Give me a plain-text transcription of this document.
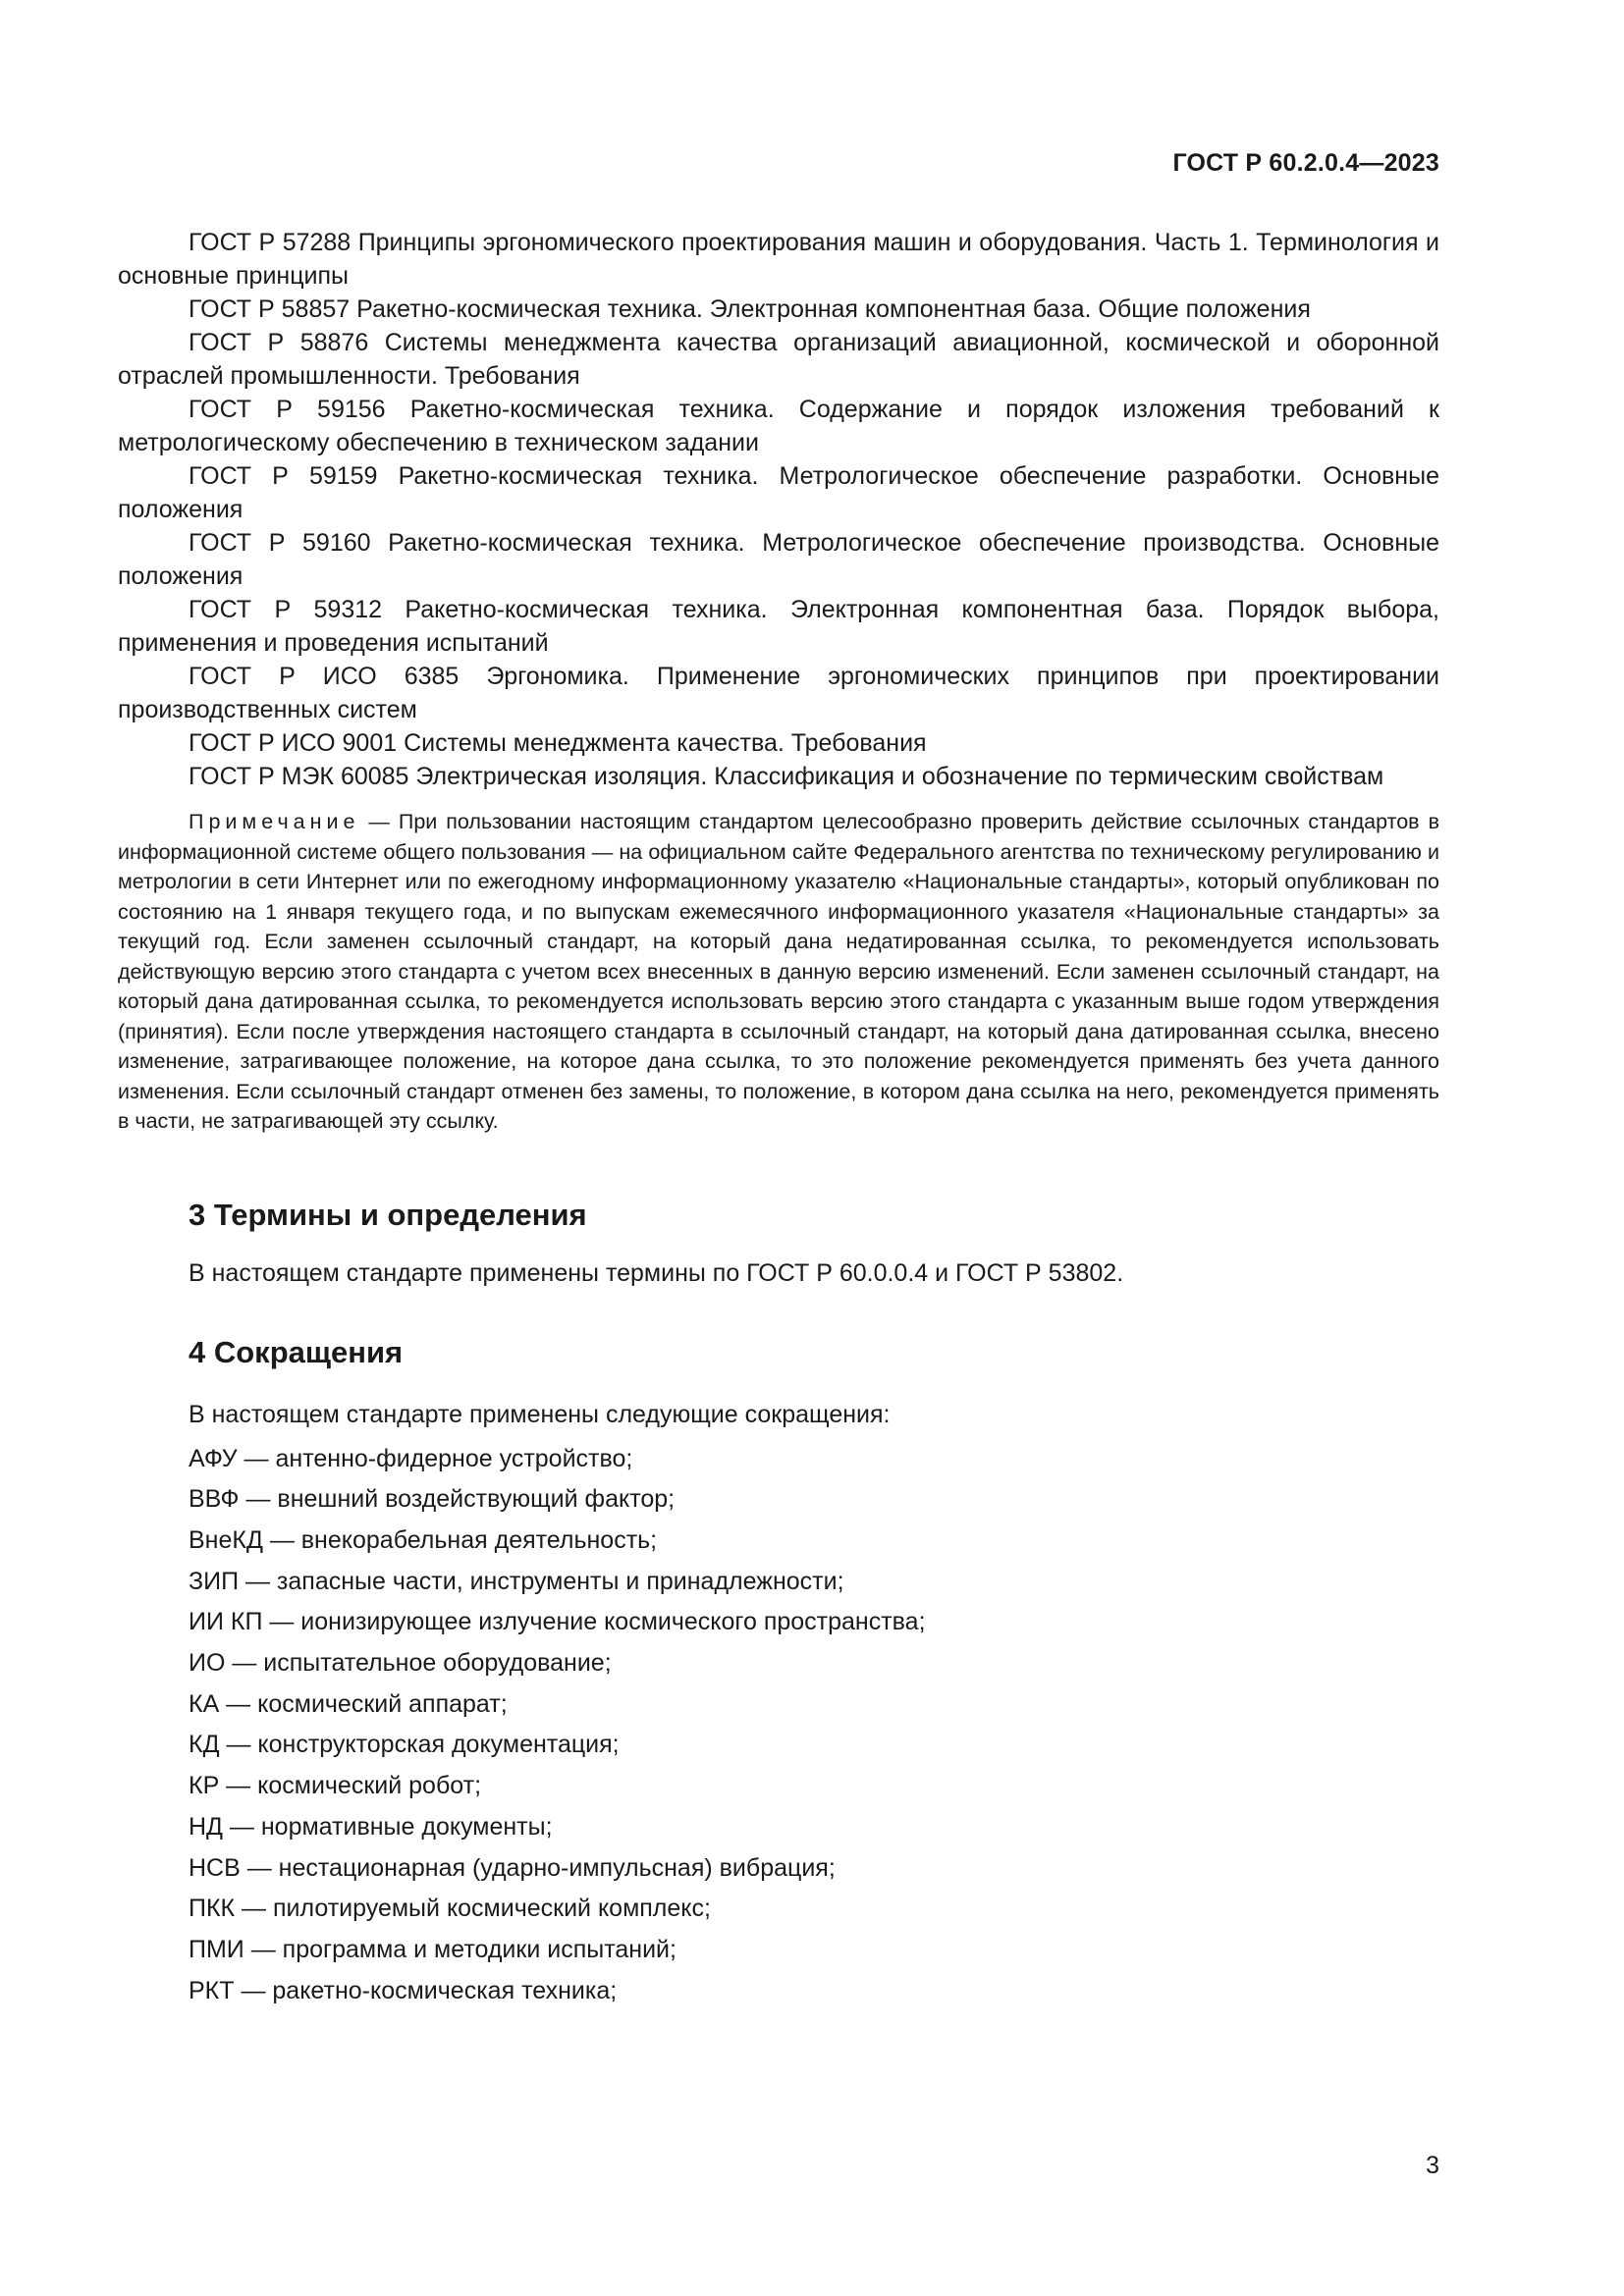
ГОСТ Р 60.2.0.4—2023

ГОСТ Р 57288 Принципы эргономического проектирования машин и оборудования. Часть 1. Терминология и основные принципы

ГОСТ Р 58857 Ракетно-космическая техника. Электронная компонентная база. Общие положения

ГОСТ Р 58876 Системы менеджмента качества организаций авиационной, космической и оборонной отраслей промышленности. Требования

ГОСТ Р 59156 Ракетно-космическая техника. Содержание и порядок изложения требований к метрологическому обеспечению в техническом задании

ГОСТ Р 59159 Ракетно-космическая техника. Метрологическое обеспечение разработки. Основные положения

ГОСТ Р 59160 Ракетно-космическая техника. Метрологическое обеспечение производства. Основные положения

ГОСТ Р 59312 Ракетно-космическая техника. Электронная компонентная база. Порядок выбора, применения и проведения испытаний

ГОСТ Р ИСО 6385 Эргономика. Применение эргономических принципов при проектировании производственных систем

ГОСТ Р ИСО 9001 Системы менеджмента качества. Требования

ГОСТ Р МЭК 60085 Электрическая изоляция. Классификация и обозначение по термическим свойствам

Примечание — При пользовании настоящим стандартом целесообразно проверить действие ссылочных стандартов в информационной системе общего пользования — на официальном сайте Федерального агентства по техническому регулированию и метрологии в сети Интернет или по ежегодному информационному указателю «Национальные стандарты», который опубликован по состоянию на 1 января текущего года, и по выпускам ежемесячного информационного указателя «Национальные стандарты» за текущий год. Если заменен ссылочный стандарт, на который дана недатированная ссылка, то рекомендуется использовать действующую версию этого стандарта с учетом всех внесенных в данную версию изменений. Если заменен ссылочный стандарт, на который дана датированная ссылка, то рекомендуется использовать версию этого стандарта с указанным выше годом утверждения (принятия). Если после утверждения настоящего стандарта в ссылочный стандарт, на который дана датированная ссылка, внесено изменение, затрагивающее положение, на которое дана ссылка, то это положение рекомендуется применять без учета данного изменения. Если ссылочный стандарт отменен без замены, то положение, в котором дана ссылка на него, рекомендуется применять в части, не затрагивающей эту ссылку.

3 Термины и определения

В настоящем стандарте применены термины по ГОСТ Р 60.0.0.4 и ГОСТ Р 53802.

4 Сокращения

В настоящем стандарте применены следующие сокращения:

АФУ — антенно-фидерное устройство;
ВВФ — внешний воздействующий фактор;
ВнеКД — внекорабельная деятельность;
ЗИП — запасные части, инструменты и принадлежности;
ИИ КП — ионизирующее излучение космического пространства;
ИО — испытательное оборудование;
КА — космический аппарат;
КД — конструкторская документация;
КР — космический робот;
НД — нормативные документы;
НСВ — нестационарная (ударно-импульсная) вибрация;
ПКК — пилотируемый космический комплекс;
ПМИ — программа и методики испытаний;
РКТ — ракетно-космическая техника;
3
